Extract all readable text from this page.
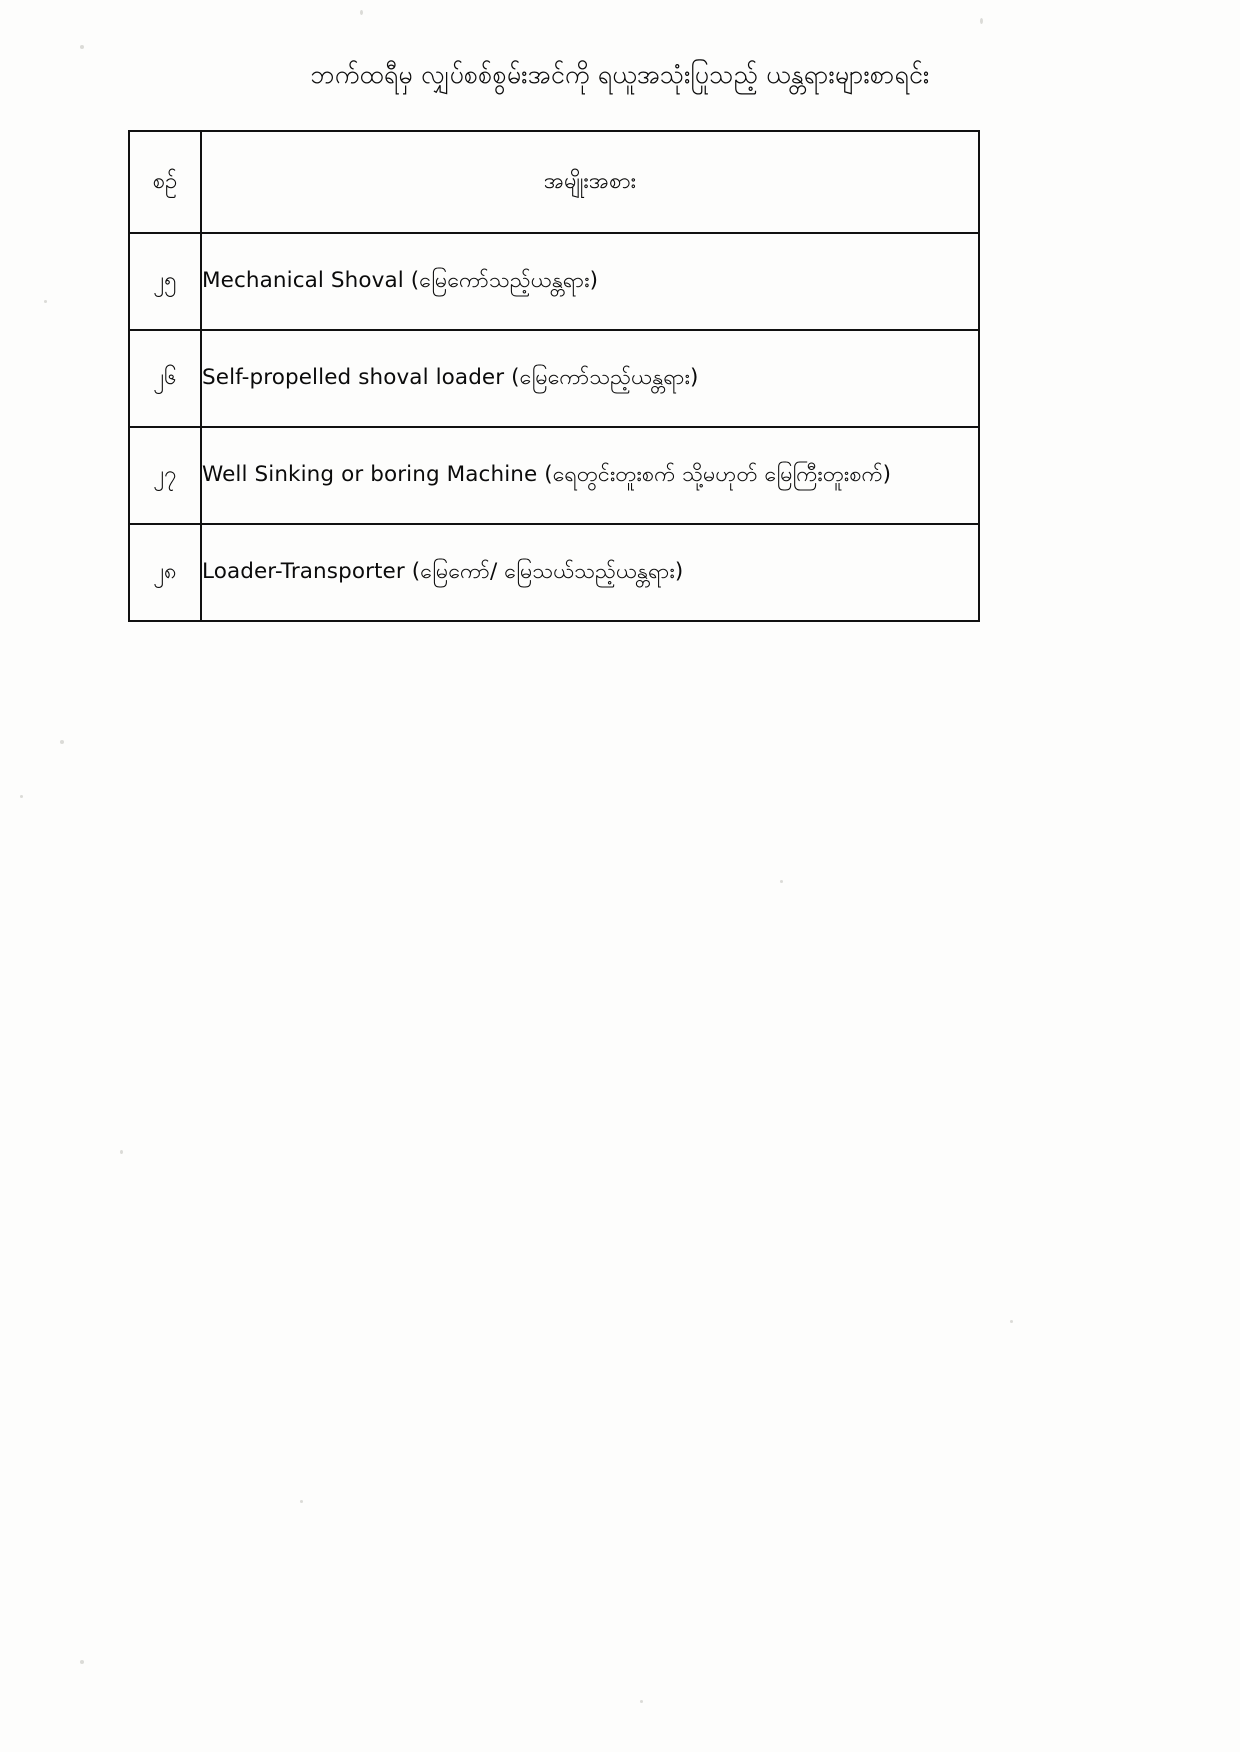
ဘက်ထရီမှ လျှပ်စစ်စွမ်းအင်ကို ရယူအသုံးပြုသည့် ယန္တရားများစာရင်း
စဉ်	အမျိုးအစား
၂၅	Mechanical Shoval (မြေကော်သည့်ယန္တရား)
၂၆	Self-propelled shoval loader (မြေကော်သည့်ယန္တရား)
၂၇	Well Sinking or boring Machine (ရေတွင်းတူးစက် သို့မဟုတ် မြေကြီးတူးစက်)
၂၈	Loader-Transporter (မြေကော်/ မြေသယ်သည့်ယန္တရား)
